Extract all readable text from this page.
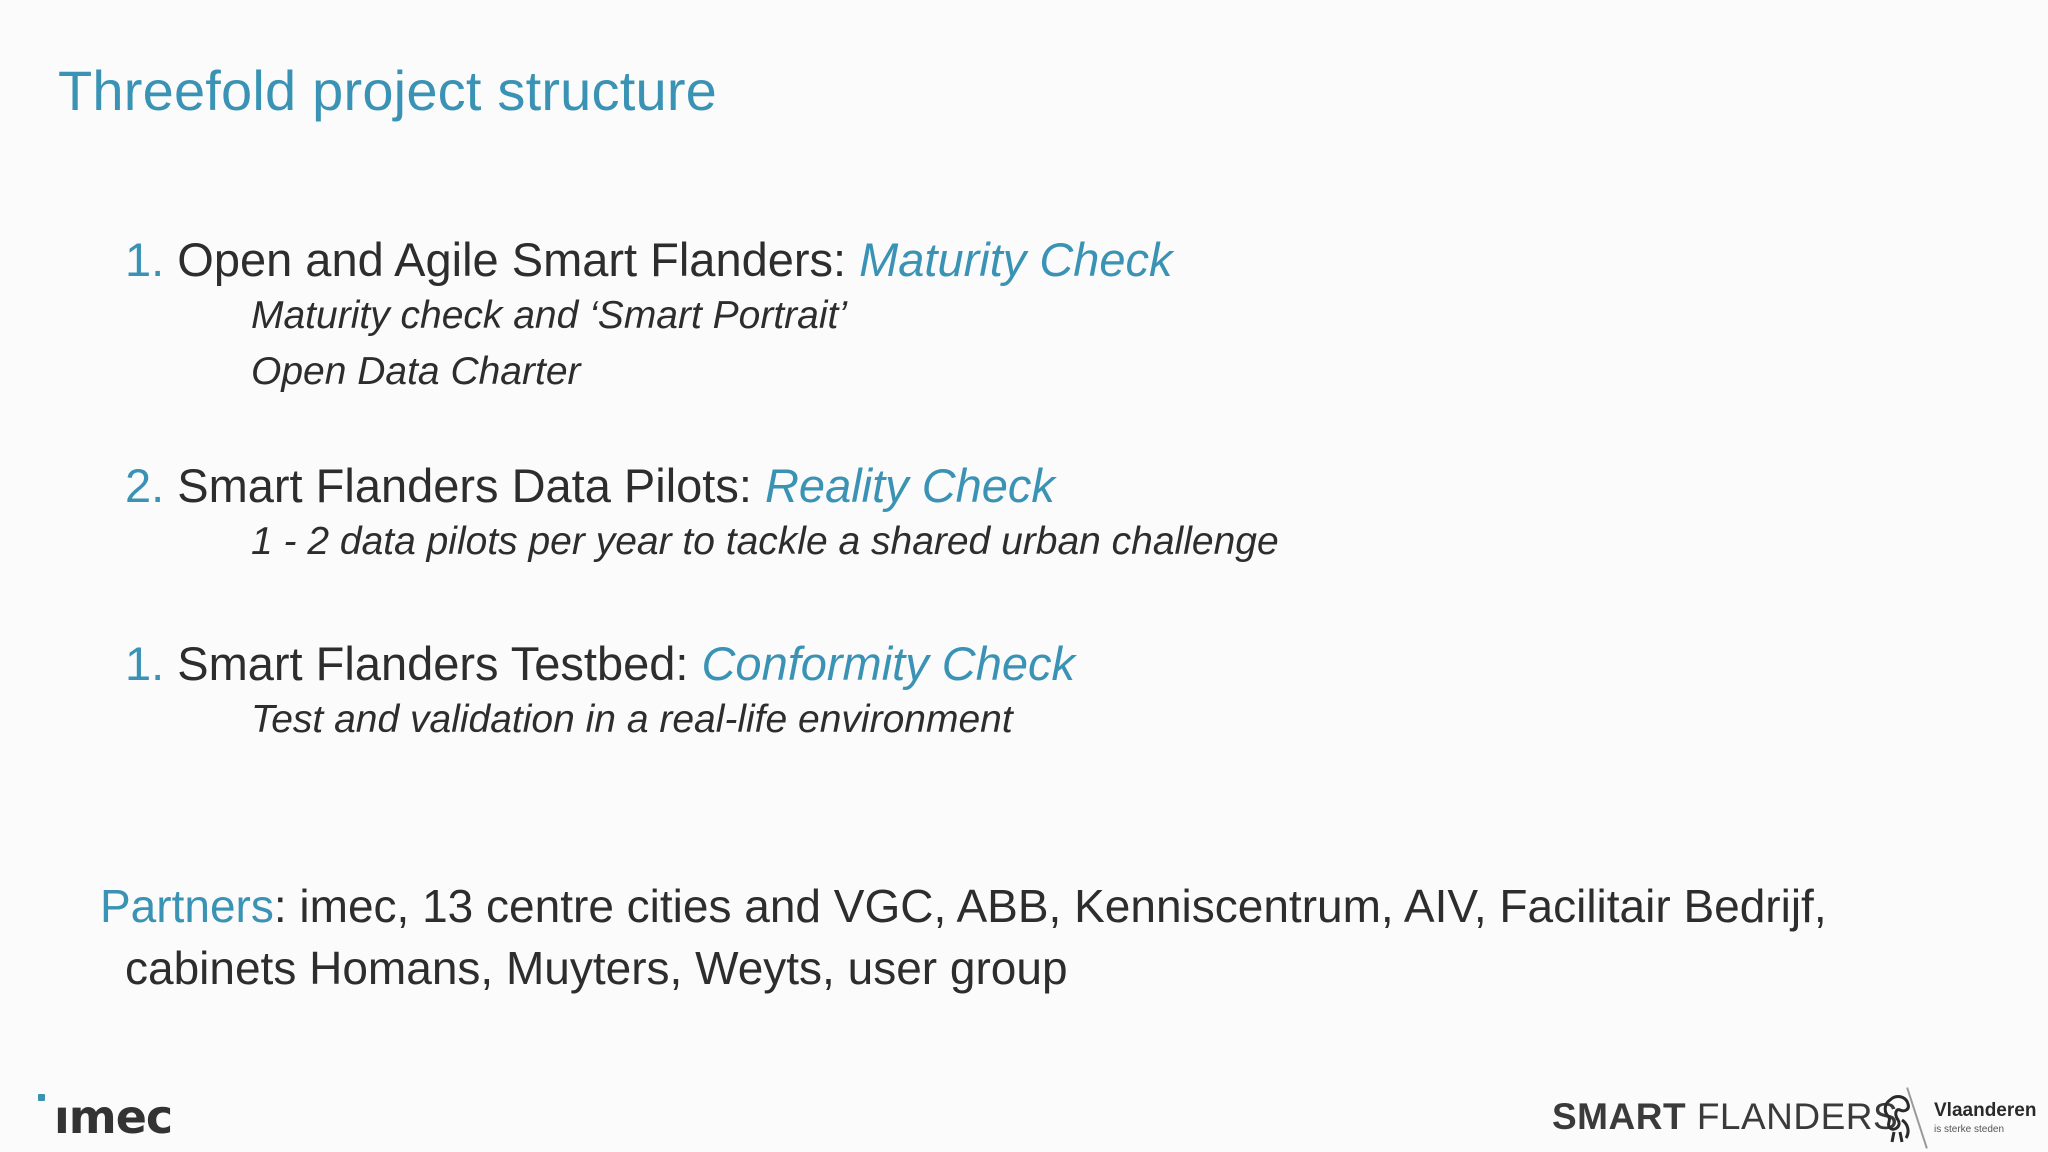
Threefold project structure
1. Open and Agile Smart Flanders: Maturity Check
Maturity check and ‘Smart Portrait’
Open Data Charter
2. Smart Flanders Data Pilots: Reality Check
1 - 2 data pilots per year to tackle a shared urban challenge
1. Smart Flanders Testbed: Conformity Check
Test and validation in a real-life environment
Partners: imec, 13 centre cities and VGC, ABB, Kenniscentrum, AIV, Facilitair Bedrijf,
cabinets Homans, Muyters, Weyts, user group
ımec	SMART FLANDERS Vlaanderen
is sterke steden
